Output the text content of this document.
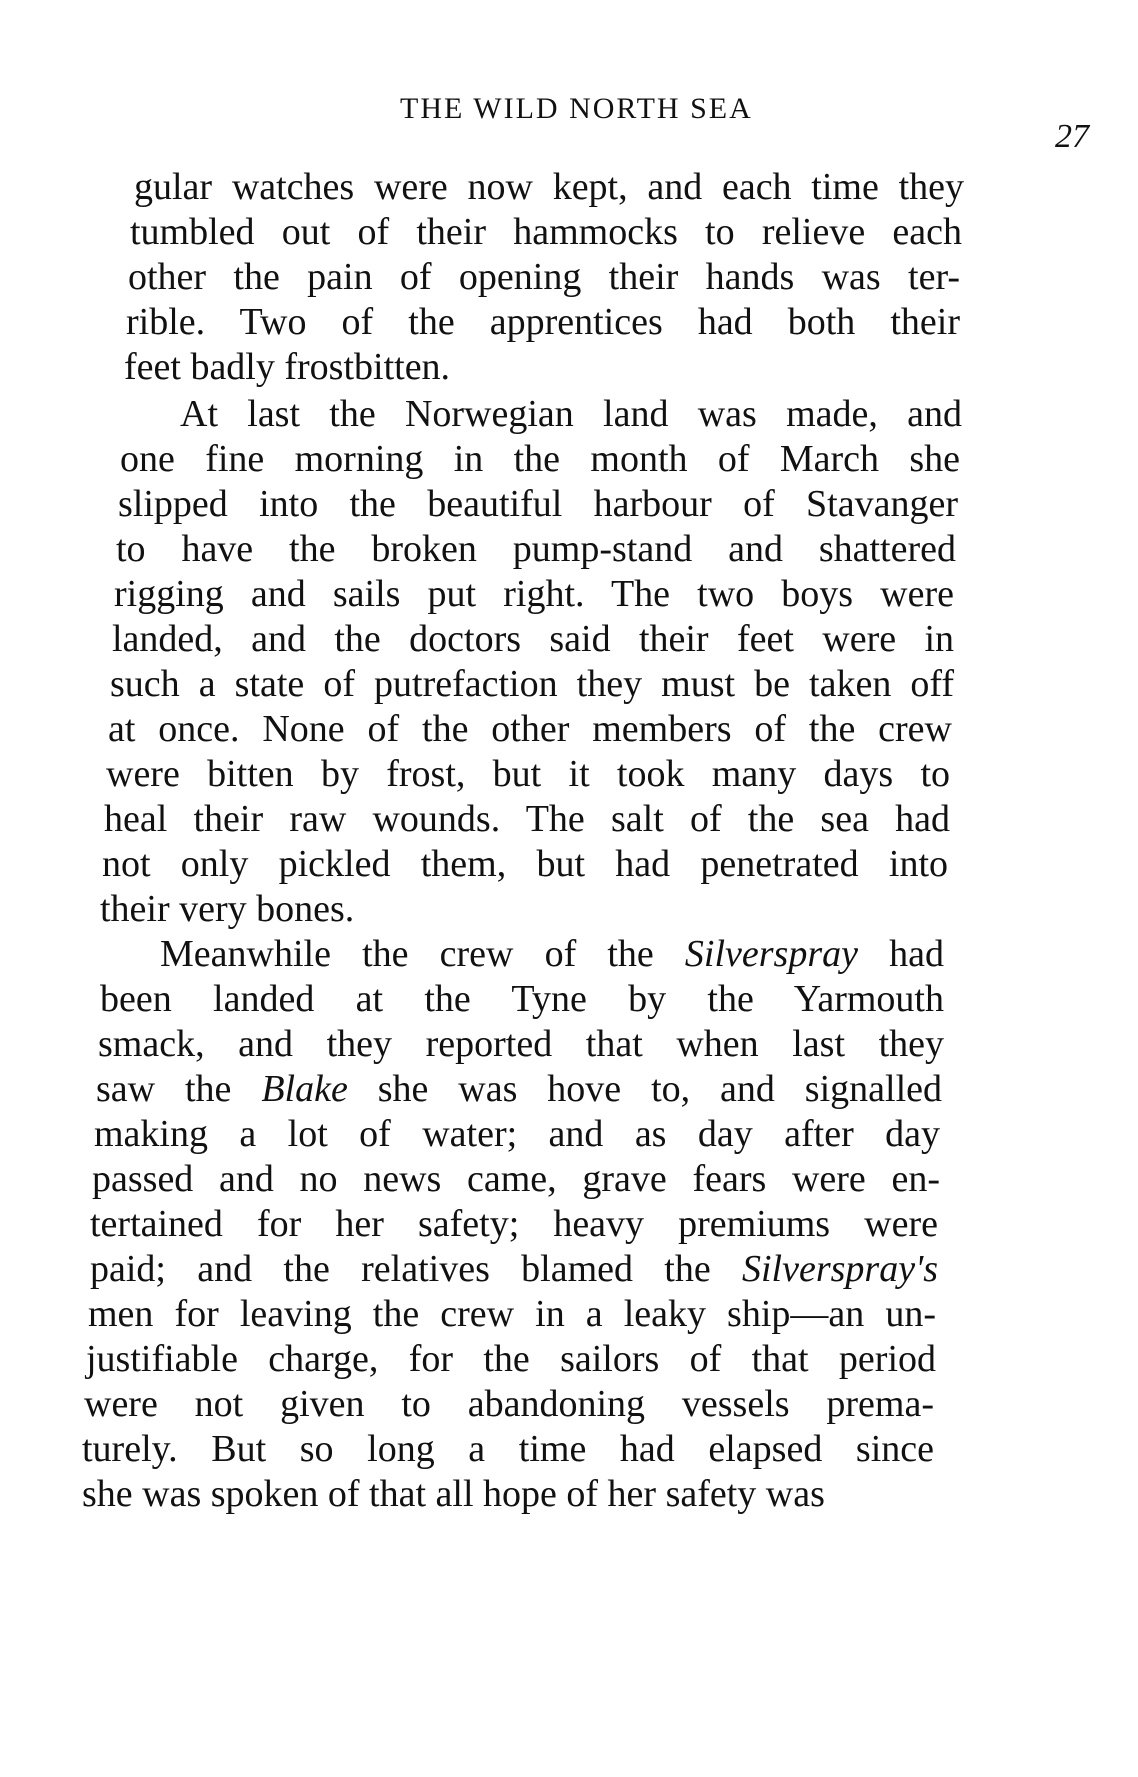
THE WILD NORTH SEA
27
gular watches were now kept, and each time they
tumbled out of their hammocks to relieve each
other the pain of opening their hands was ter-
rible. Two of the apprentices had both their
feet badly frostbitten.
At last the Norwegian land was made, and
one fine morning in the month of March she
slipped into the beautiful harbour of Stavanger
to have the broken pump-stand and shattered
rigging and sails put right. The two boys were
landed, and the doctors said their feet were in
such a state of putrefaction they must be taken off
at once. None of the other members of the crew
were bitten by frost, but it took many days to
heal their raw wounds. The salt of the sea had
not only pickled them, but had penetrated into
their very bones.
Meanwhile the crew of the Silverspray had
been landed at the Tyne by the Yarmouth
smack, and they reported that when last they
saw the Blake she was hove to, and signalled
making a lot of water; and as day after day
passed and no news came, grave fears were en-
tertained for her safety; heavy premiums were
paid; and the relatives blamed the Silverspray's
men for leaving the crew in a leaky ship—an un-
justifiable charge, for the sailors of that period
were not given to abandoning vessels prema-
turely. But so long a time had elapsed since
she was spoken of that all hope of her safety was
